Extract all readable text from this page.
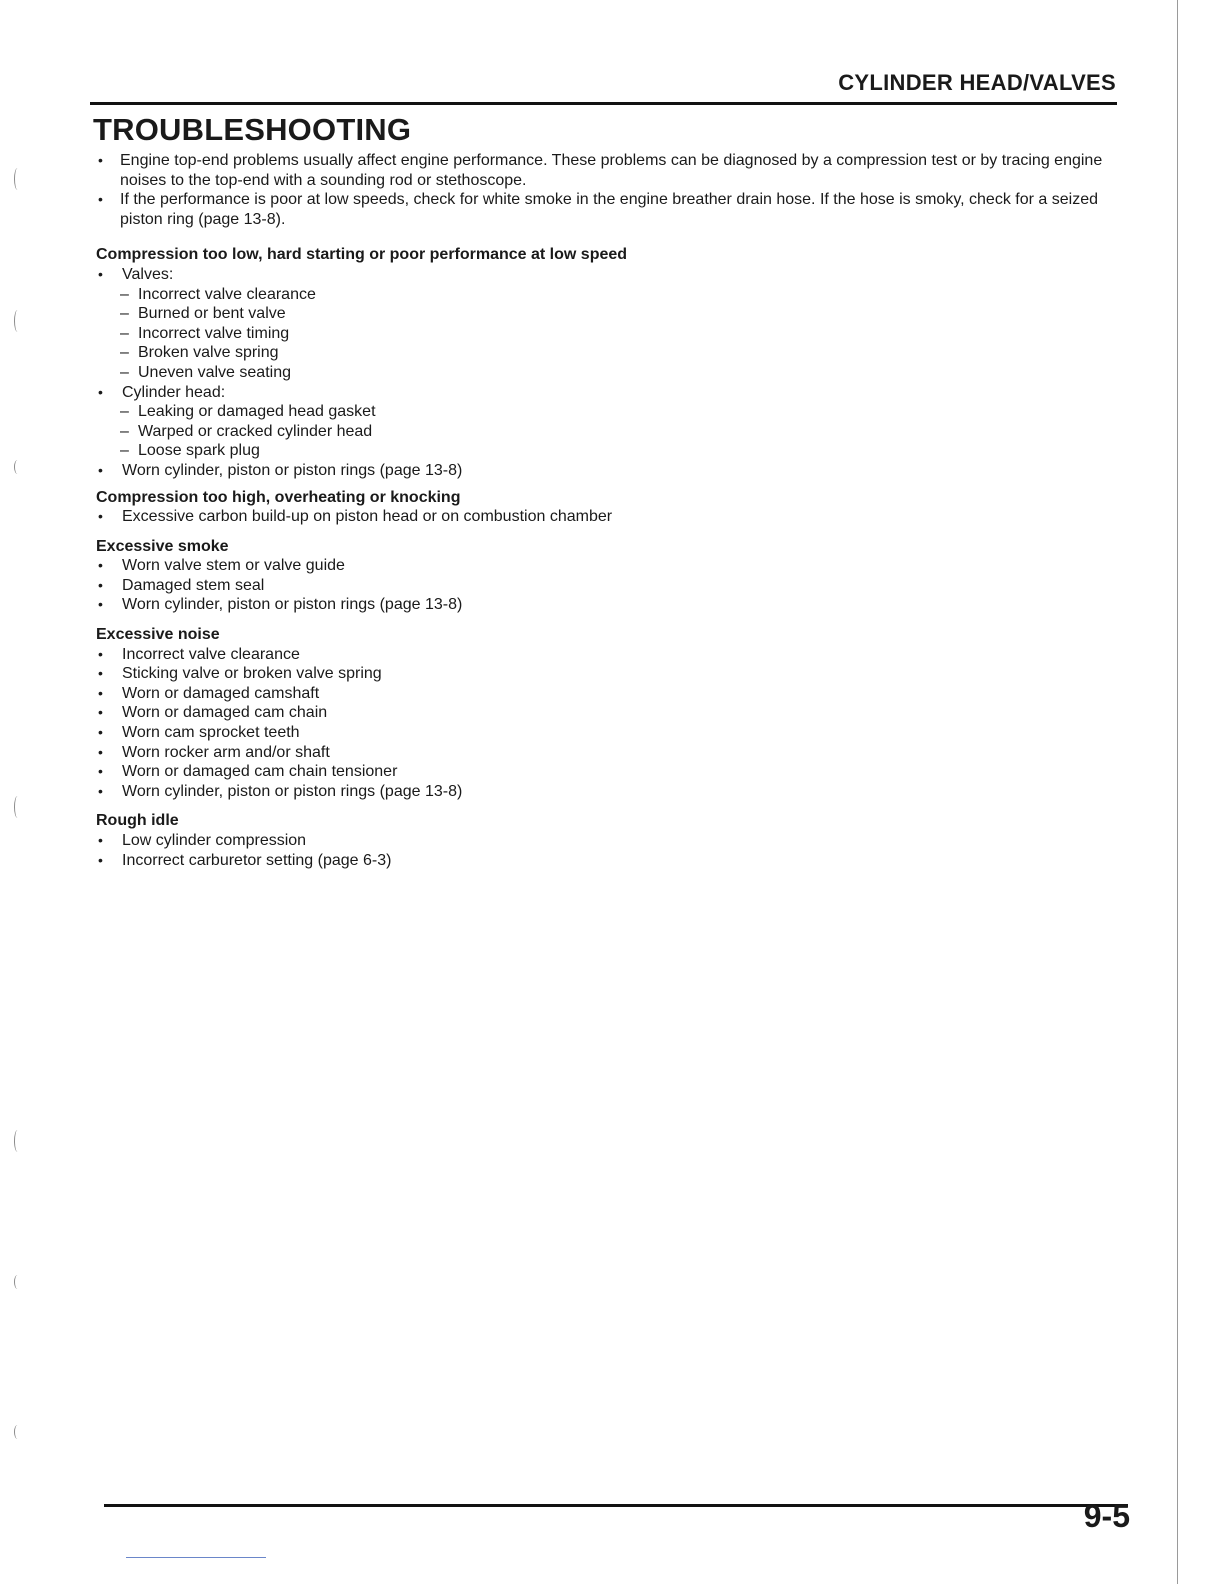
CYLINDER HEAD/VALVES
TROUBLESHOOTING
•	Engine top-end problems usually affect engine performance. These problems can be diagnosed by a compression test or by tracing engine noises to the top-end with a sounding rod or stethoscope.
•	If the performance is poor at low speeds, check for white smoke in the engine breather drain hose. If the hose is smoky, check for a seized piston ring (page 13-8).
Compression too low, hard starting or poor performance at low speed
•	Valves:
– Incorrect valve clearance
– Burned or bent valve
– Incorrect valve timing
– Broken valve spring
– Uneven valve seating
•	Cylinder head:
– Leaking or damaged head gasket
– Warped or cracked cylinder head
– Loose spark plug
•	Worn cylinder, piston or piston rings (page 13-8)
Compression too high, overheating or knocking
•	Excessive carbon build-up on piston head or on combustion chamber
Excessive smoke
•	Worn valve stem or valve guide
•	Damaged stem seal
•	Worn cylinder, piston or piston rings (page 13-8)
Excessive noise
•	Incorrect valve clearance
•	Sticking valve or broken valve spring
•	Worn or damaged camshaft
•	Worn or damaged cam chain
•	Worn cam sprocket teeth
•	Worn rocker arm and/or shaft
•	Worn or damaged cam chain tensioner
•	Worn cylinder, piston or piston rings (page 13-8)
Rough idle
•	Low cylinder compression
•	Incorrect carburetor setting (page 6-3)
9-5
